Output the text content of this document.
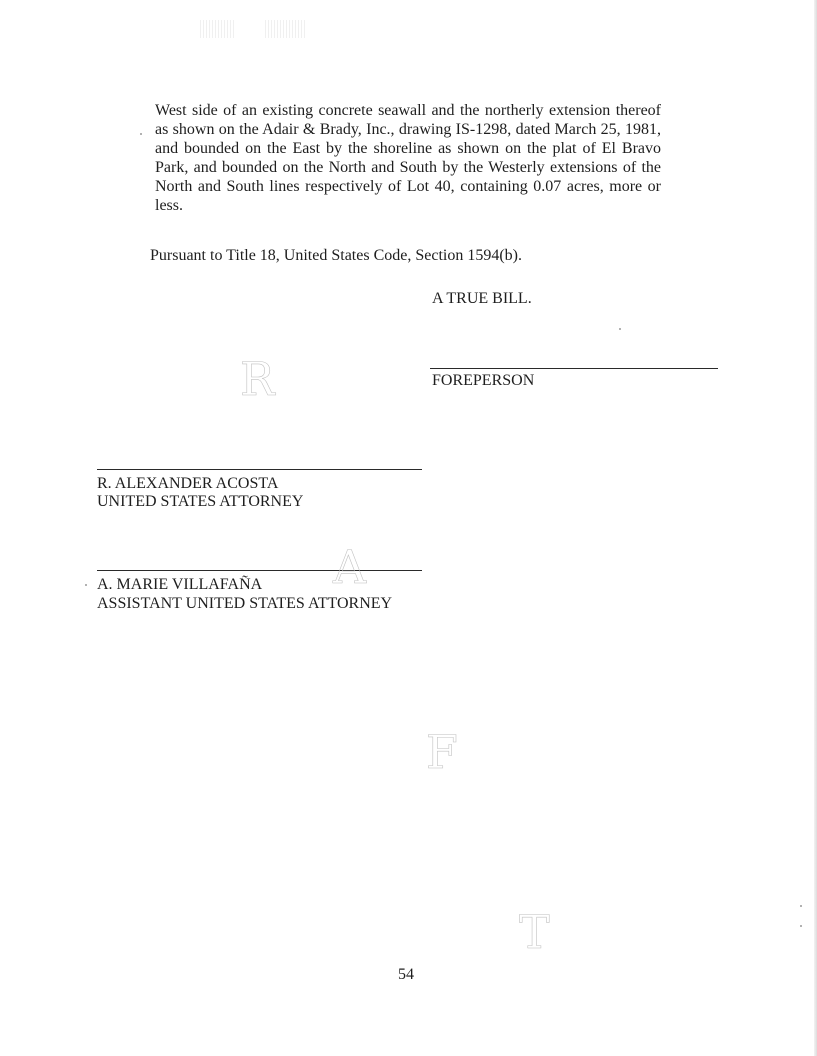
West side of an existing concrete seawall and the northerly extension thereof
as shown on the Adair & Brady, Inc., drawing IS-1298, dated March 25, 1981,
and bounded on the East by the shoreline as shown on the plat of El Bravo
Park, and bounded on the North and South by the Westerly extensions of the
North and South lines respectively of Lot 40, containing 0.07 acres, more or
less.

Pursuant to Title 18, United States Code, Section 1594(b).

A TRUE BILL.

FOREPERSON

R. ALEXANDER ACOSTA

UNITED STATES ATTORNEY

A. MARIE VILLAFAÑA

ASSISTANT UNITED STATES ATTORNEY

R

A

F

T

54
